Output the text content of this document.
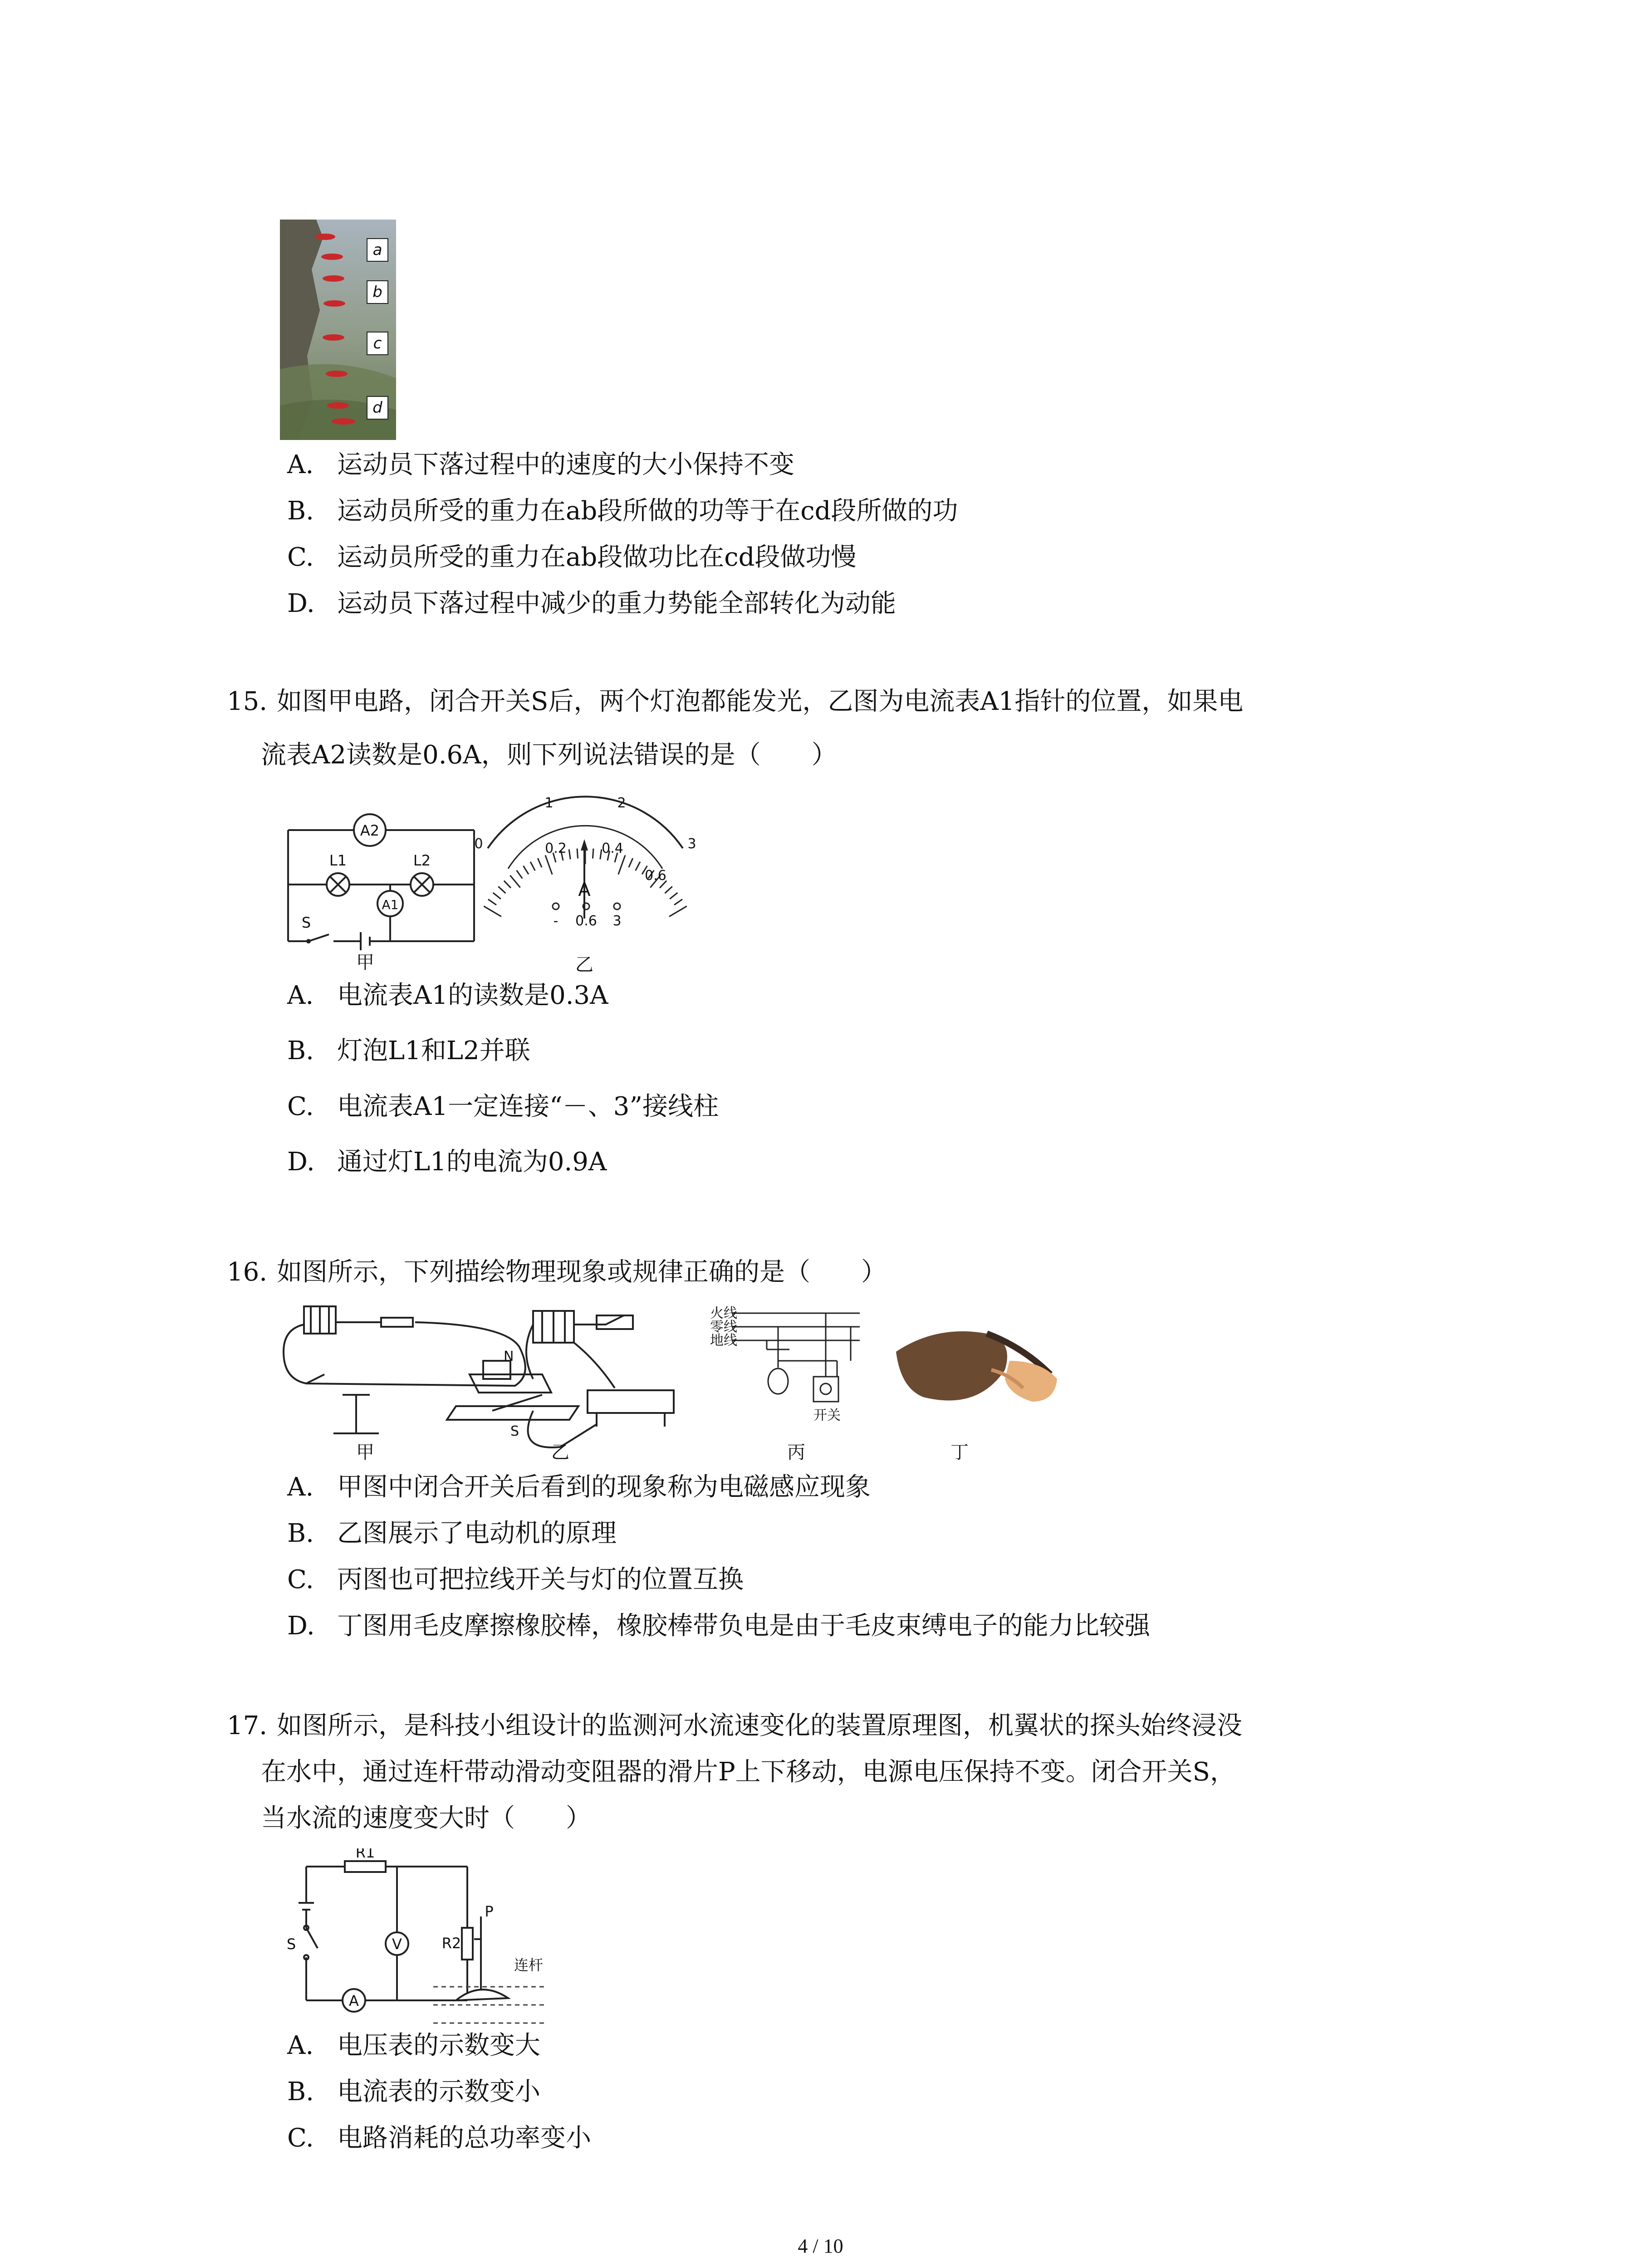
a
b
c
d
A. 运动员下落过程中的速度的大小保持不变
B. 运动员所受的重力在ab段所做的功等于在cd段所做的功
C. 运动员所受的重力在ab段做功比在cd段做功慢
D. 运动员下落过程中减少的重力势能全部转化为动能
15. 如图甲电路，闭合开关S后，两个灯泡都能发光，乙图为电流表A1指针的位置，如果电
流表A2读数是0.6A，则下列说法错误的是（　　）
A2
A1
L1	L2
S
甲
0
1	2
3
0.2	0.4
0.6
A
- 0.6 3
乙
A. 电流表A1的读数是0.3A
B. 灯泡L1和L2并联
C. 电流表A1一定连接“－、3”接线柱
D. 通过灯L1的电流为0.9A
16. 如图所示，下列描绘物理现象或规律正确的是（　　）
火线
零线
地线
开关
N
S
甲	乙	丙	丁
A. 甲图中闭合开关后看到的现象称为电磁感应现象
B. 乙图展示了电动机的原理
C. 丙图也可把拉线开关与灯的位置互换
D. 丁图用毛皮摩擦橡胶棒，橡胶棒带负电是由于毛皮束缚电子的能力比较强
17. 如图所示，是科技小组设计的监测河水流速变化的装置原理图，机翼状的探头始终浸没
在水中，通过连杆带动滑动变阻器的滑片P上下移动，电源电压保持不变。闭合开关S，
当水流的速度变大时（　　）
R1
R2
P
V
A
S
连杆
A. 电压表的示数变大
B. 电流表的示数变小
C. 电路消耗的总功率变小
4 / 10
